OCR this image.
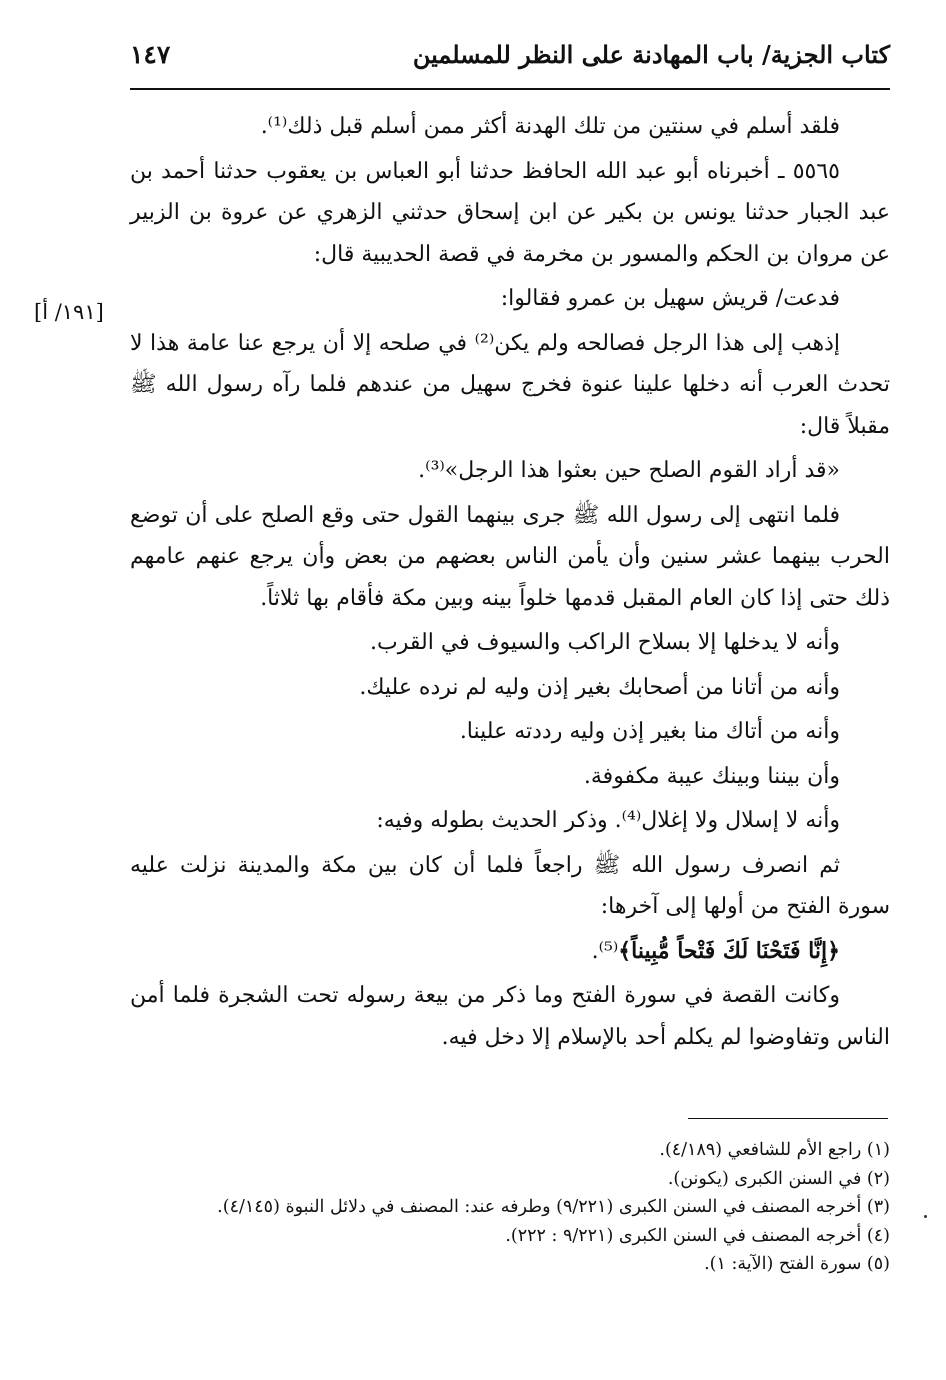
كتاب الجزية/ باب المهادنة على النظر للمسلمين
١٤٧
[١٩١/ أ]

فلقد أسلم في سنتين من تلك الهدنة أكثر ممن أسلم قبل ذلك⁽¹⁾.

٥٥٦٥ ـ أخبرناه أبو عبد الله الحافظ حدثنا أبو العباس بن يعقوب حدثنا أحمد بن عبد الجبار حدثنا يونس بن بكير عن ابن إسحاق حدثني الزهري عن عروة بن الزبير عن مروان بن الحكم والمسور بن مخرمة في قصة الحديبية قال:

فدعت/ قريش سهيل بن عمرو فقالوا:

إذهب إلى هذا الرجل فصالحه ولم يكن⁽²⁾ في صلحه إلا أن يرجع عنا عامة هذا لا تحدث العرب أنه دخلها علينا عنوة فخرج سهيل من عندهم فلما رآه رسول الله ﷺ مقبلاً قال:

«قد أراد القوم الصلح حين بعثوا هذا الرجل»⁽³⁾.

فلما انتهى إلى رسول الله ﷺ جرى بينهما القول حتى وقع الصلح على أن توضع الحرب بينهما عشر سنين وأن يأمن الناس بعضهم من بعض وأن يرجع عنهم عامهم ذلك حتى إذا كان العام المقبل قدمها خلواً بينه وبين مكة فأقام بها ثلاثاً.

وأنه لا يدخلها إلا بسلاح الراكب والسيوف في القرب.

وأنه من أتانا من أصحابك بغير إذن وليه لم نرده عليك.

وأنه من أتاك منا بغير إذن وليه رددته علينا.

وأن بيننا وبينك عيبة مكفوفة.

وأنه لا إسلال ولا إغلال⁽⁴⁾. وذكر الحديث بطوله وفيه:

ثم انصرف رسول الله ﷺ راجعاً فلما أن كان بين مكة والمدينة نزلت عليه سورة الفتح من أولها إلى آخرها:

﴿إِنَّا فَتَحْنَا لَكَ فَتْحاً مُّبِيناً﴾⁽⁵⁾.

وكانت القصة في سورة الفتح وما ذكر من بيعة رسوله تحت الشجرة فلما أمن الناس وتفاوضوا لم يكلم أحد بالإسلام إلا دخل فيه.

(١) راجع الأم للشافعي (٤/١٨٩).
(٢) في السنن الكبرى (يكونن).
(٣) أخرجه المصنف في السنن الكبرى (٩/٢٢١) وطرفه عند: المصنف في دلائل النبوة (٤/١٤٥).
(٤) أخرجه المصنف في السنن الكبرى (٩/٢٢١ : ٢٢٢).
(٥) سورة الفتح (الآية: ١).
